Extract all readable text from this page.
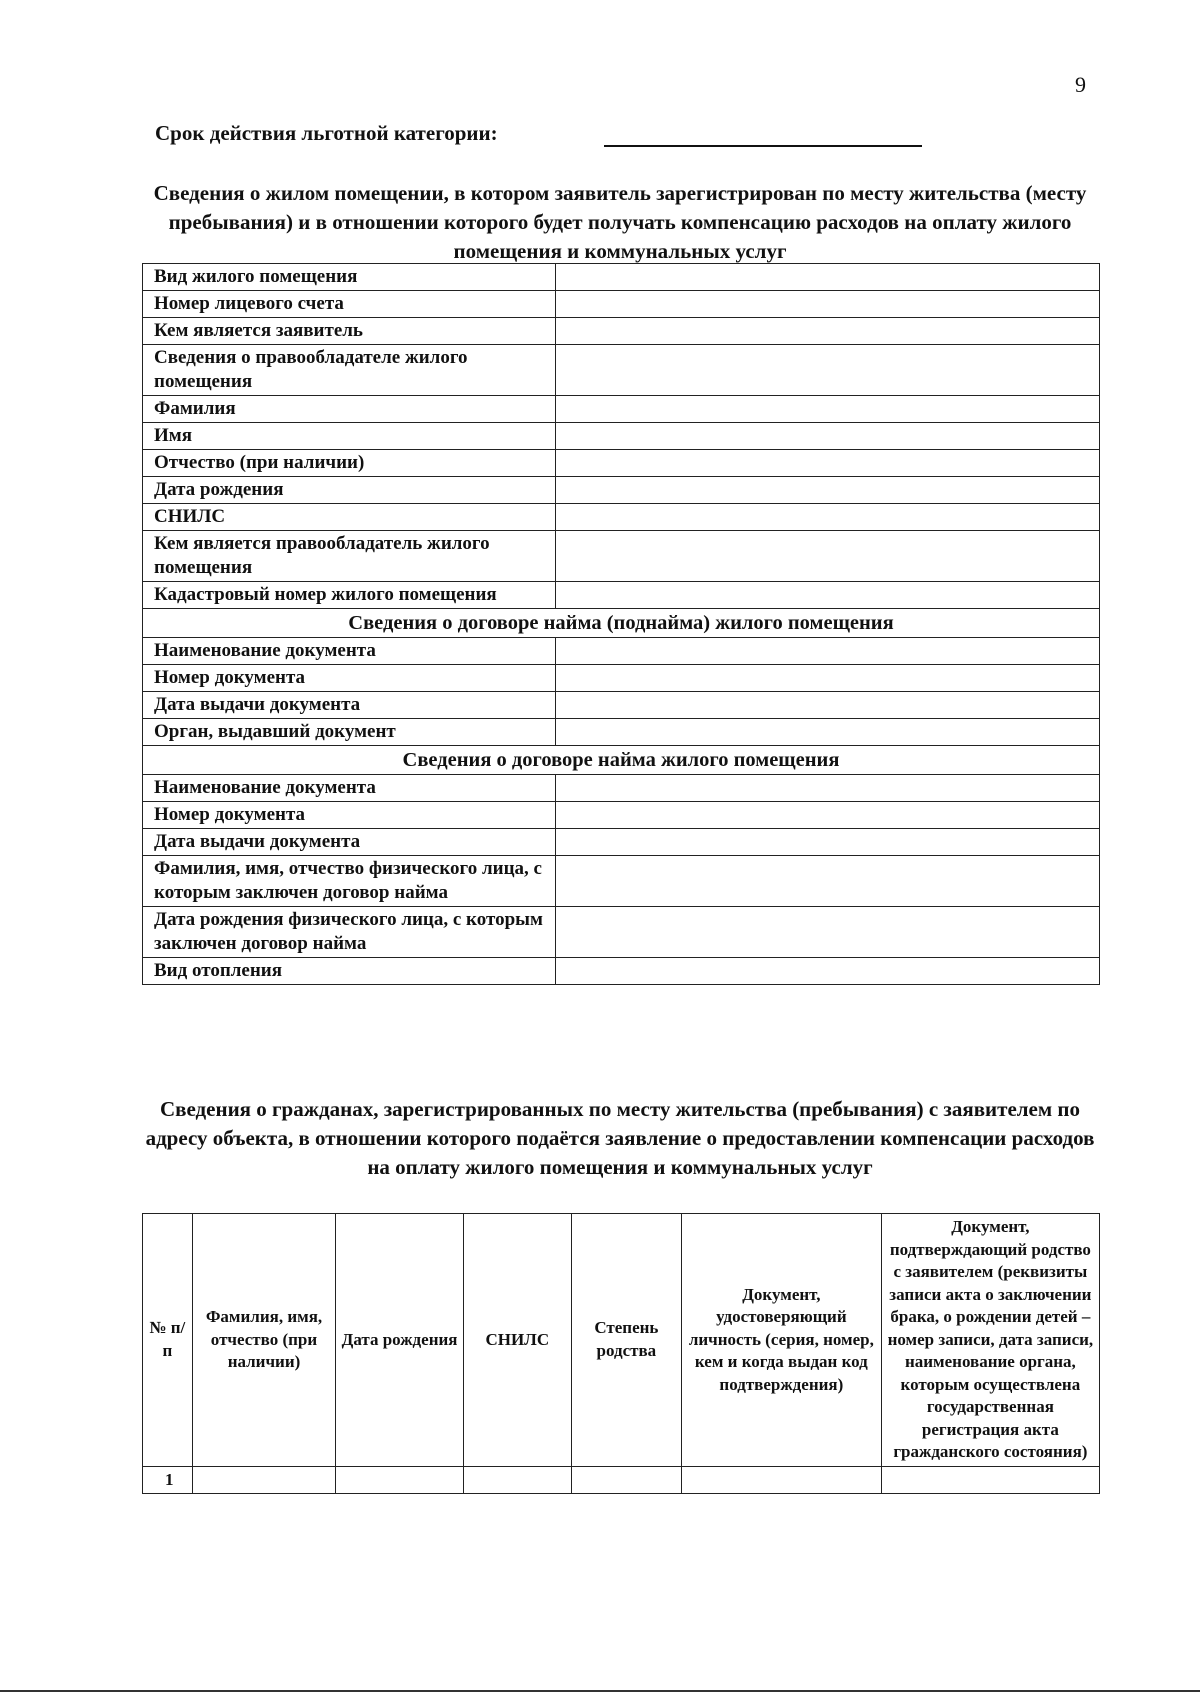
9
Срок действия льготной категории:

Сведения о жилом помещении, в котором заявитель зарегистрирован по месту жительства (месту пребывания) и в отношении которого будет получать компенсацию расходов на оплату жилого помещения и коммунальных услуг

Вид жилого помещения	
Номер лицевого счета	
Кем является заявитель	
Сведения о правообладателе жилого помещения	
Фамилия	
Имя	
Отчество (при наличии)	
Дата рождения	
СНИЛС	
Кем является правообладатель жилого помещения	
Кадастровый номер жилого помещения	
Сведения о договоре найма (поднайма) жилого помещения	
Наименование документа	
Номер документа	
Дата выдачи документа	
Орган, выдавший документ	
Сведения о договоре найма жилого помещения	
Наименование документа	
Номер документа	
Дата выдачи документа	
Фамилия, имя, отчество физического лица, с которым заключен договор найма	
Дата рождения физического лица, с которым заключен договор найма	
Вид отопления	

Сведения о гражданах, зарегистрированных по месту жительства (пребывания) с заявителем по адресу объекта, в отношении которого подаётся заявление о предоставлении компенсации расходов на оплату жилого помещения и коммунальных услуг

№ п/ п	Фамилия, имя, отчество (при наличии)	Дата рождения	СНИЛС	Степень родства	Документ, удостоверяющий личность (серия, номер, кем и когда выдан код подтверждения)	Документ, подтверждающий родство с заявителем (реквизиты записи акта о заключении брака, о рождении детей – номер записи, дата записи, наименование органа, которым осуществлена государственная регистрация акта гражданского состояния)
1						
